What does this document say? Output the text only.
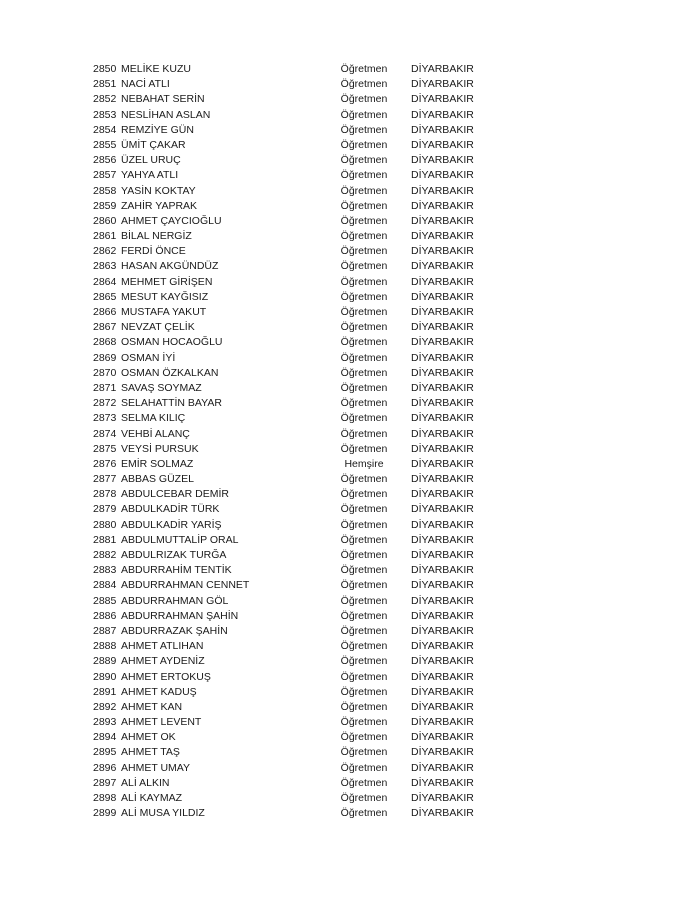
2850 MELİKE KUZU	Öğretmen	DİYARBAKIR
2851 NACİ ATLI	Öğretmen	DİYARBAKIR
2852 NEBAHAT SERİN	Öğretmen	DİYARBAKIR
2853 NESLİHAN ASLAN	Öğretmen	DİYARBAKIR
2854 REMZİYE GÜN	Öğretmen	DİYARBAKIR
2855 ÜMİT ÇAKAR	Öğretmen	DİYARBAKIR
2856 ÜZEL URUÇ	Öğretmen	DİYARBAKIR
2857 YAHYA ATLI	Öğretmen	DİYARBAKIR
2858 YASİN KOKTAY	Öğretmen	DİYARBAKIR
2859 ZAHİR YAPRAK	Öğretmen	DİYARBAKIR
2860 AHMET ÇAYCIOĞLU	Öğretmen	DİYARBAKIR
2861 BİLAL NERGİZ	Öğretmen	DİYARBAKIR
2862 FERDİ ÖNCE	Öğretmen	DİYARBAKIR
2863 HASAN AKGÜNDÜZ	Öğretmen	DİYARBAKIR
2864 MEHMET GİRİŞEN	Öğretmen	DİYARBAKIR
2865 MESUT KAYĞISIZ	Öğretmen	DİYARBAKIR
2866 MUSTAFA YAKUT	Öğretmen	DİYARBAKIR
2867 NEVZAT ÇELİK	Öğretmen	DİYARBAKIR
2868 OSMAN HOCAOĞLU	Öğretmen	DİYARBAKIR
2869 OSMAN İYİ	Öğretmen	DİYARBAKIR
2870 OSMAN ÖZKALKAN	Öğretmen	DİYARBAKIR
2871 SAVAŞ SOYMAZ	Öğretmen	DİYARBAKIR
2872 SELAHATTİN BAYAR	Öğretmen	DİYARBAKIR
2873 SELMA KILIÇ	Öğretmen	DİYARBAKIR
2874 VEHBİ ALANÇ	Öğretmen	DİYARBAKIR
2875 VEYSİ PURSUK	Öğretmen	DİYARBAKIR
2876 EMİR SOLMAZ	Hemşire	DİYARBAKIR
2877 ABBAS GÜZEL	Öğretmen	DİYARBAKIR
2878 ABDULCEBAR DEMİR	Öğretmen	DİYARBAKIR
2879 ABDULKADİR TÜRK	Öğretmen	DİYARBAKIR
2880 ABDULKADİR YARİŞ	Öğretmen	DİYARBAKIR
2881 ABDULMUTTALİP ORAL	Öğretmen	DİYARBAKIR
2882 ABDULRIZAK TURĞA	Öğretmen	DİYARBAKIR
2883 ABDURRAHİM TENTİK	Öğretmen	DİYARBAKIR
2884 ABDURRAHMAN CENNET	Öğretmen	DİYARBAKIR
2885 ABDURRAHMAN GÖL	Öğretmen	DİYARBAKIR
2886 ABDURRAHMAN ŞAHİN	Öğretmen	DİYARBAKIR
2887 ABDURRAZAK ŞAHİN	Öğretmen	DİYARBAKIR
2888 AHMET ATLIHAN	Öğretmen	DİYARBAKIR
2889 AHMET AYDENİZ	Öğretmen	DİYARBAKIR
2890 AHMET ERTOKUŞ	Öğretmen	DİYARBAKIR
2891 AHMET KADUŞ	Öğretmen	DİYARBAKIR
2892 AHMET KAN	Öğretmen	DİYARBAKIR
2893 AHMET LEVENT	Öğretmen	DİYARBAKIR
2894 AHMET OK	Öğretmen	DİYARBAKIR
2895 AHMET TAŞ	Öğretmen	DİYARBAKIR
2896 AHMET UMAY	Öğretmen	DİYARBAKIR
2897 ALİ ALKIN	Öğretmen	DİYARBAKIR
2898 ALİ KAYMAZ	Öğretmen	DİYARBAKIR
2899 ALİ MUSA YILDIZ	Öğretmen	DİYARBAKIR
